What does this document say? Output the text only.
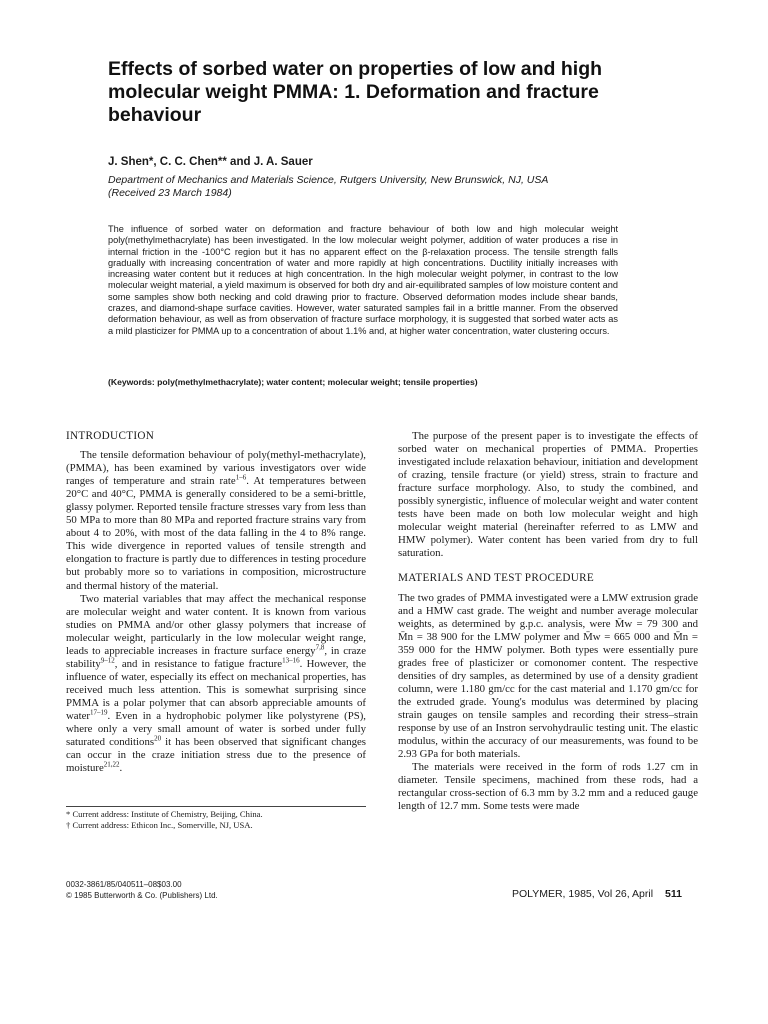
Effects of sorbed water on properties of low and high molecular weight PMMA: 1. Deformation and fracture behaviour
J. Shen*, C. C. Chen** and J. A. Sauer
Department of Mechanics and Materials Science, Rutgers University, New Brunswick, NJ, USA
(Received 23 March 1984)

The influence of sorbed water on deformation and fracture behaviour of both low and high molecular weight poly(methylmethacrylate) has been investigated. In the low molecular weight polymer, addition of water produces a rise in internal friction in the -100°C region but it has no apparent effect on the β-relaxation process. The tensile strength falls gradually with increasing concentration of water and more rapidly at high concentrations. Ductility initially increases with increasing water content but it reduces at high concentration. In the high molecular weight polymer, in contrast to the low molecular weight material, a yield maximum is observed for both dry and air-equilibrated samples of low moisture content and some samples show both necking and cold drawing prior to fracture. Observed deformation modes include shear bands, crazes, and diamond-shape surface cavities. However, water saturated samples fail in a brittle manner. From the observed deformation behaviour, as well as from observation of fracture surface morphology, it is suggested that sorbed water acts as a mild plasticizer for PMMA up to a concentration of about 1.1% and, at higher water concentration, water clustering occurs.

(Keywords: poly(methylmethacrylate); water content; molecular weight; tensile properties)
INTRODUCTION

The tensile deformation behaviour of poly(methyl-methacrylate), (PMMA), has been examined by various investigators over wide ranges of temperature and strain rate$^{1-6}$. At temperatures between 20°C and 40°C, PMMA is generally considered to be a semi-brittle, glassy polymer. Reported tensile fracture stresses vary from less than 50 MPa to more than 80 MPa and reported fracture strains vary from about 4 to 20%, with most of the data falling in the 4 to 8% range. This wide divergence in reported values of tensile strength and elongation to fracture is partly due to differences in testing procedure but probably more so to variations in composition, microstructure and thermal history of the material.

Two material variables that may affect the mechanical response are molecular weight and water content. It is known from various studies on PMMA and/or other glassy polymers that increase of molecular weight, particularly in the low molecular weight range, leads to appreciable increases in fracture surface energy$^{7,8}$, in craze stability$^{9-12}$, and in resistance to fatigue fracture$^{13-16}$. However, the influence of water, especially its effect on mechanical properties, has received much less attention. This is somewhat surprising since PMMA is a polar polymer that can absorb appreciable amounts of water$^{17-19}$. Even in a hydrophobic polymer like polystyrene (PS), where only a very small amount of water is sorbed under fully saturated conditions$^{20}$ it has been observed that significant changes can occur in the craze initiation stress due to the presence of moisture$^{21,22}$.

The purpose of the present paper is to investigate the effects of sorbed water on mechanical properties of PMMA. Properties investigated include relaxation behaviour, initiation and development of crazing, tensile fracture (or yield) stress, strain to fracture and fracture surface morphology. Also, to study the combined, and possibly synergistic, influence of molecular weight and water content tests have been made on both low molecular weight and high molecular weight material (hereinafter referred to as LMW and HMW polymer). Water content has been varied from dry to full saturation.

MATERIALS AND TEST PROCEDURE

The two grades of PMMA investigated were a LMW extrusion grade and a HMW cast grade. The weight and number average molecular weights, as determined by g.p.c. analysis, were M̄w = 79 300 and M̄n = 38 900 for the LMW polymer and M̄w = 665 000 and M̄n = 359 000 for the HMW polymer. Both types were essentially pure grades free of plasticizer or comonomer content. The respective densities of dry samples, as determined by use of a density gradient column, were 1.180 gm/cc for the cast material and 1.170 gm/cc for the extruded grade. Young's modulus was determined by placing strain gauges on tensile samples and recording their stress–strain response by use of an Instron servohydraulic testing unit. The elastic modulus, within the accuracy of our measurements, was found to be 2.93 GPa for both materials.

The materials were received in the form of rods 1.27 cm in diameter. Tensile specimens, machined from these rods, had a rectangular cross-section of 6.3 mm by 3.2 mm and a reduced gauge length of 12.7 mm. Some tests were made

* Current address: Institute of Chemistry, Beijing, China.
† Current address: Ethicon Inc., Somerville, NJ, USA.
0032-3861/85/040511–08$03.00
© 1985 Butterworth & Co. (Publishers) Ltd.	POLYMER, 1985, Vol 26, April 511
